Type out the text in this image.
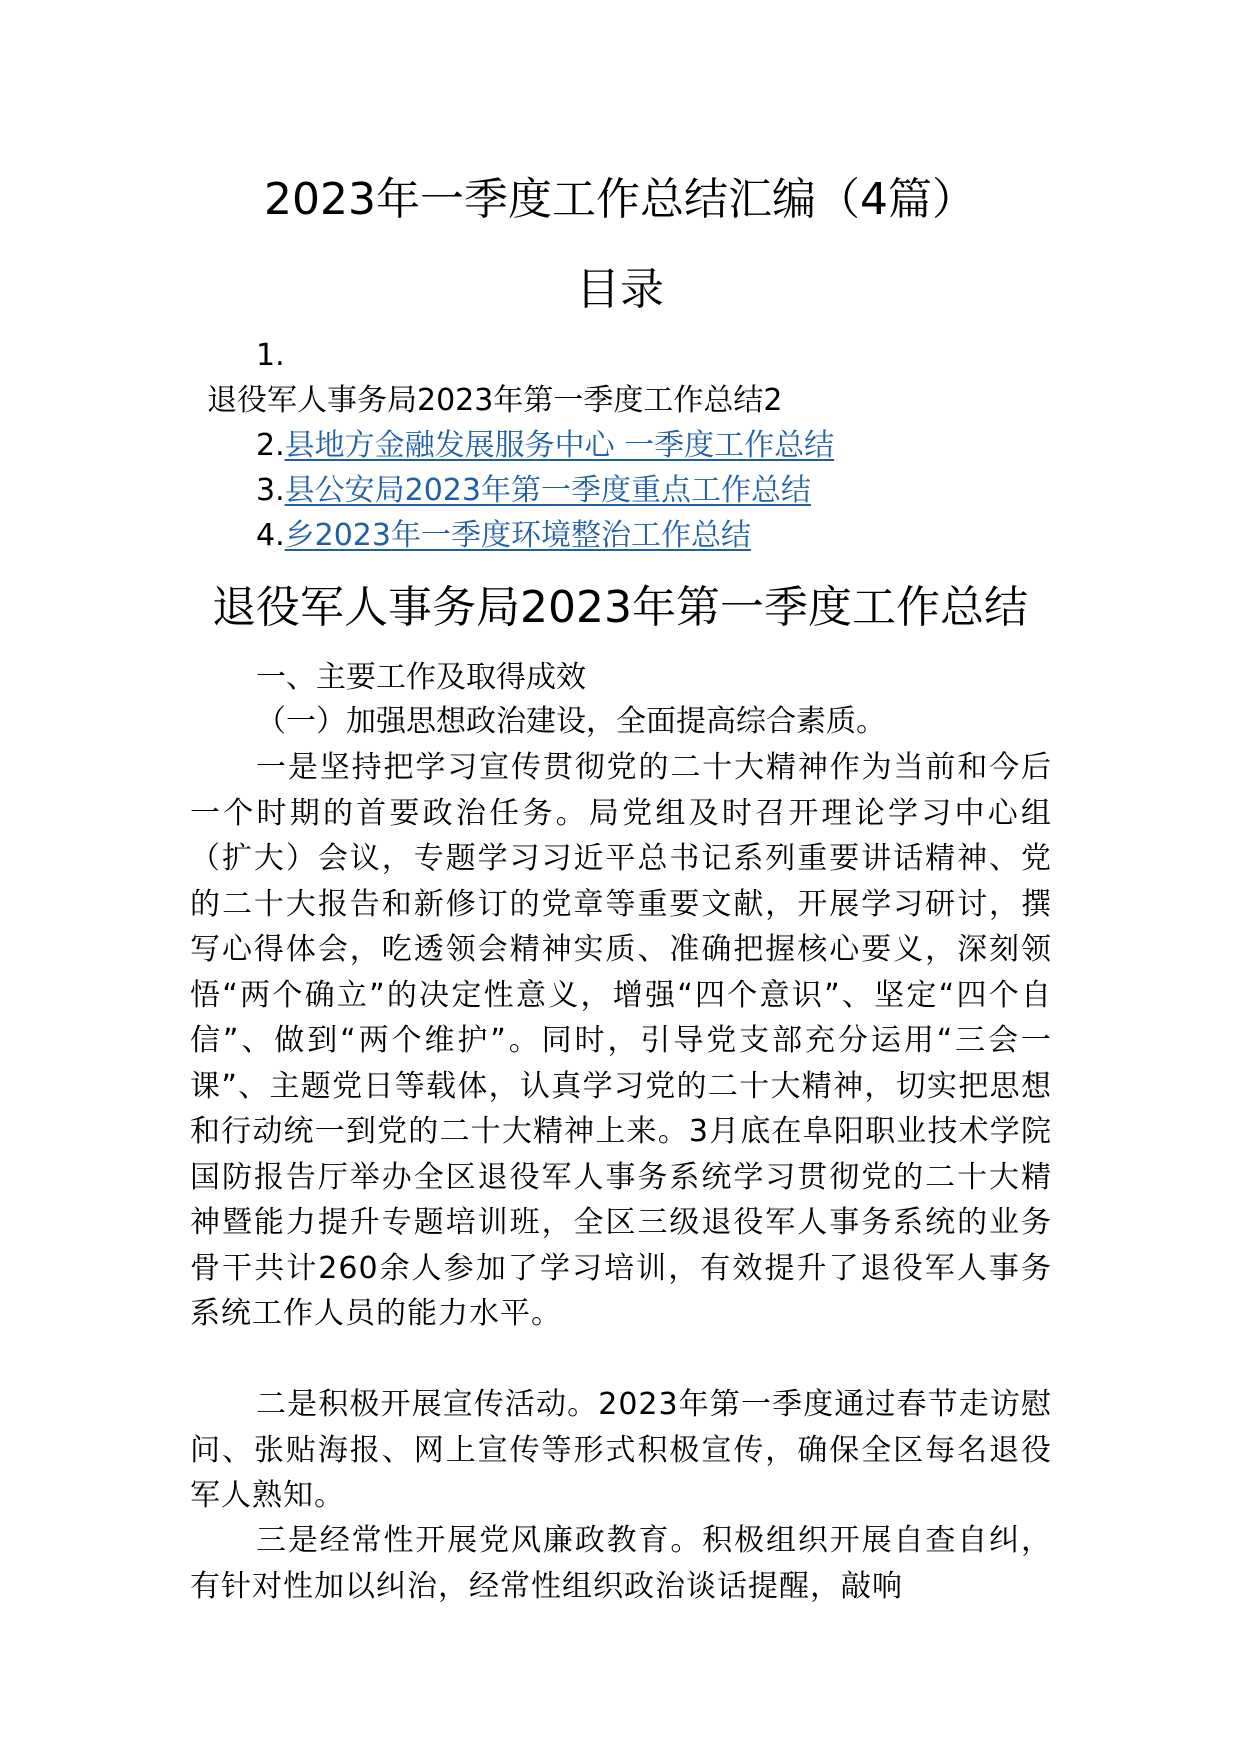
2023年一季度工作总结汇编（4篇）
目录
1.
退役军人事务局2023年第一季度工作总结2
2.县地方金融发展服务中心 一季度工作总结
3.县公安局2023年第一季度重点工作总结
4.乡2023年一季度环境整治工作总结
退役军人事务局2023年第一季度工作总结
一、主要工作及取得成效
（一）加强思想政治建设，全面提高综合素质。

一是坚持把学习宣传贯彻党的二十大精神作为当前和今后一个时期的首要政治任务。局党组及时召开理论学习中心组（扩大）会议，专题学习习近平总书记系列重要讲话精神、党的二十大报告和新修订的党章等重要文献，开展学习研讨，撰写心得体会，吃透领会精神实质、准确把握核心要义，深刻领悟“两个确立”的决定性意义，增强“四个意识”、坚定“四个自信”、做到“两个维护”。同时，引导党支部充分运用“三会一课”、主题党日等载体，认真学习党的二十大精神，切实把思想和行动统一到党的二十大精神上来。3月底在阜阳职业技术学院国防报告厅举办全区退役军人事务系统学习贯彻党的二十大精神暨能力提升专题培训班，全区三级退役军人事务系统的业务骨干共计260余人参加了学习培训，有效提升了退役军人事务系统工作人员的能力水平。

二是积极开展宣传活动。2023年第一季度通过春节走访慰问、张贴海报、网上宣传等形式积极宣传，确保全区每名退役军人熟知。

三是经常性开展党风廉政教育。积极组织开展自查自纠，有针对性加以纠治，经常性组织政治谈话提醒，敲响
